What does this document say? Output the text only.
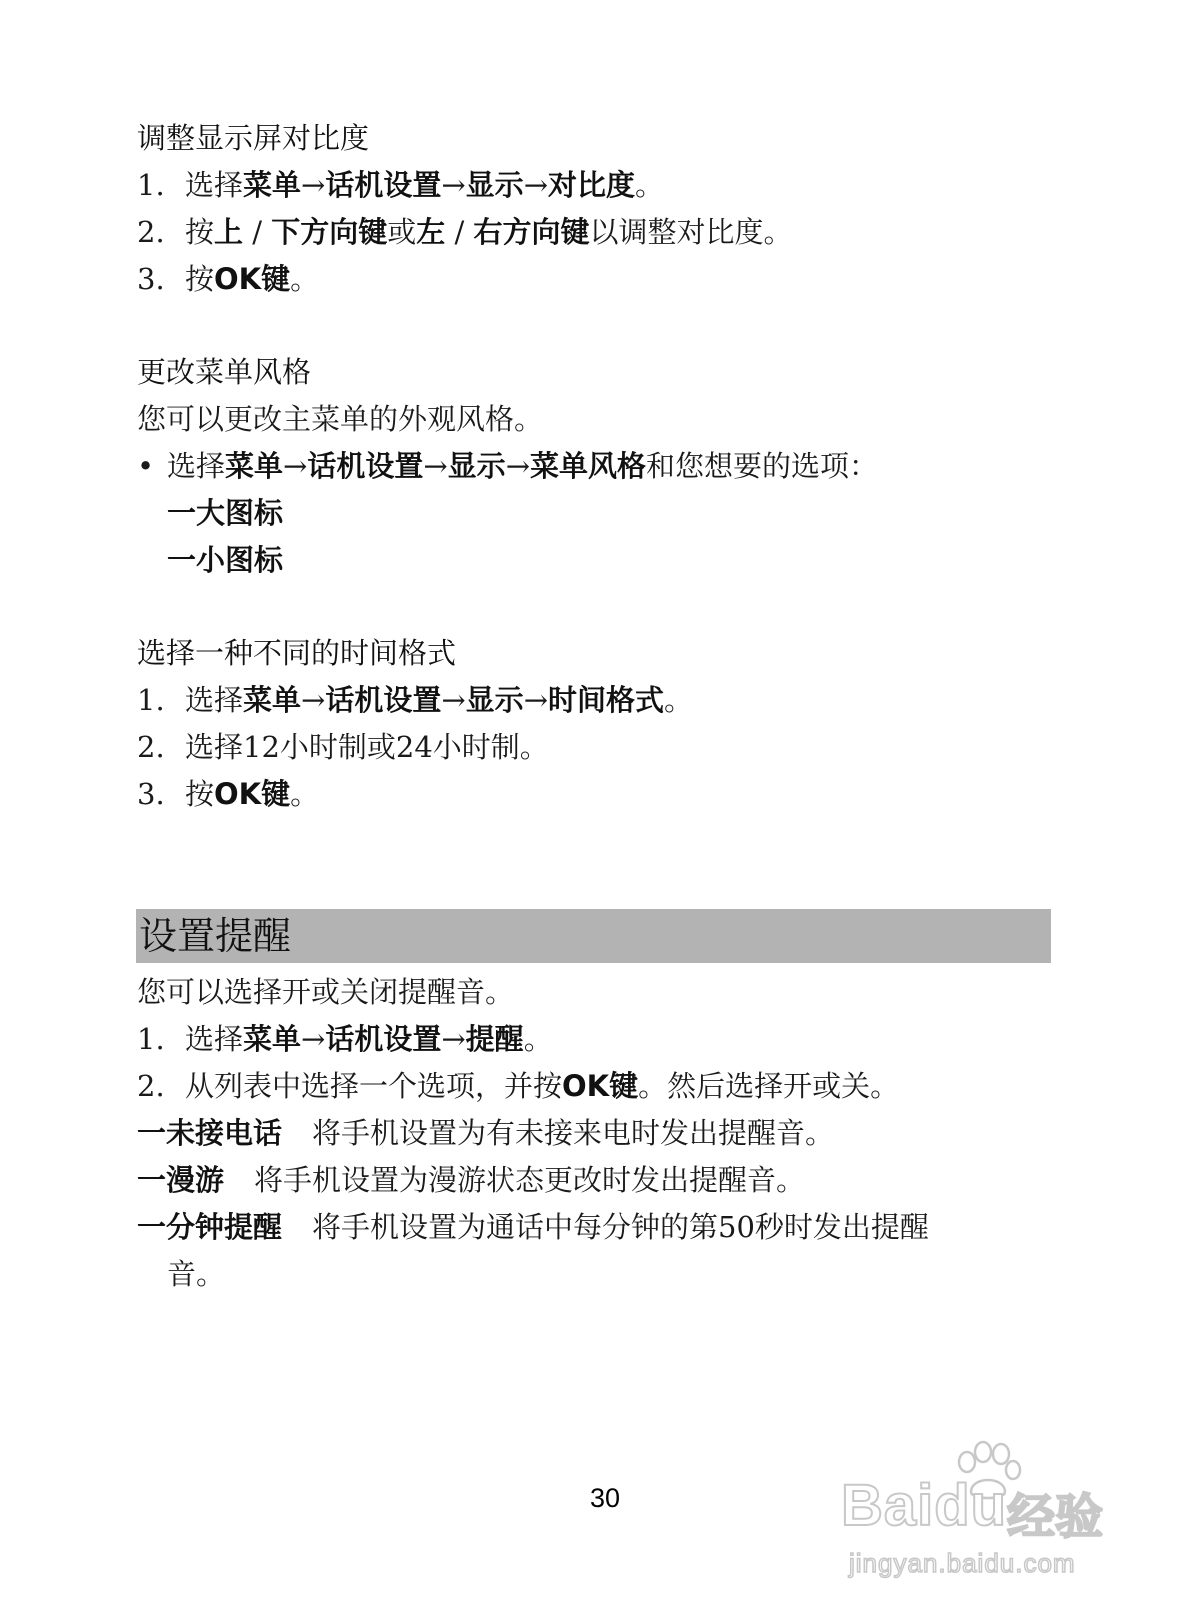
调整显示屏对比度
1. 选择菜单→话机设置→显示→对比度。
2. 按上 / 下方向键或左 / 右方向键以调整对比度。
3. 按OK键。
更改菜单风格
您可以更改主菜单的外观风格。
• 选择菜单→话机设置→显示→菜单风格和您想要的选项：
一大图标
一小图标
选择一种不同的时间格式
1. 选择菜单→话机设置→显示→时间格式。
2. 选择12小时制或24小时制。
3. 按OK键。
设置提醒
您可以选择开或关闭提醒音。
1. 选择菜单→话机设置→提醒。
2. 从列表中选择一个选项，并按OK键。然后选择开或关。
一未接电话 将手机设置为有未接来电时发出提醒音。
一漫游 将手机设置为漫游状态更改时发出提醒音。
一分钟提醒 将手机设置为通话中每分钟的第50秒时发出提醒
音。
30	Baidu 经验
jingyan.baidu.com
